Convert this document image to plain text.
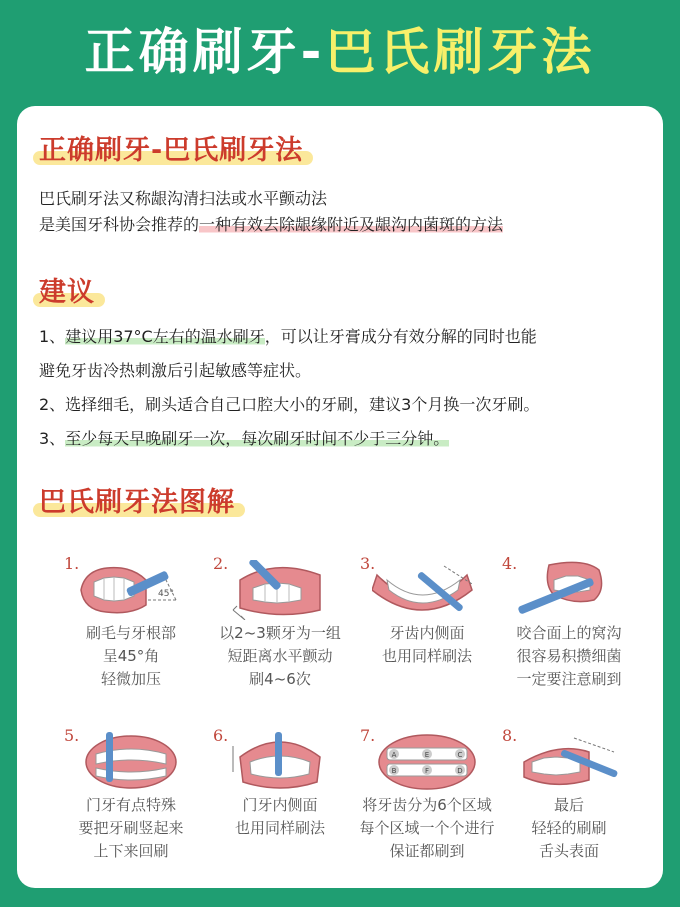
正确刷牙-巴氏刷牙法
正确刷牙-巴氏刷牙法
巴氏刷牙法又称龈沟清扫法或水平颤动法
是美国牙科协会推荐的一种有效去除龈缘附近及龈沟内菌斑的方法
建议
1、建议用37°C左右的温水刷牙，可以让牙膏成分有效分解的同时也能
避免牙齿冷热刺激后引起敏感等症状。
2、选择细毛，刷头适合自己口腔大小的牙刷，建议3个月换一次牙刷。
3、至少每天早晚刷牙一次，每次刷牙时间不少于三分钟。
巴氏刷牙法图解
1.
45°
刷毛与牙根部
呈45°角
轻微加压
2.
以2~3颗牙为一组
短距离水平颤动
刷4~6次
3.
牙齿内侧面
也用同样刷法
4.
咬合面上的窝沟
很容易积攒细菌
一定要注意刷到
5.
门牙有点特殊
要把牙刷竖起来
上下来回刷
6.
门牙内侧面
也用同样刷法
7.
A
B
C
D
E
F
将牙齿分为6个区域
每个区域一个个进行
保证都刷到
8.
最后
轻轻的刷刷
舌头表面
